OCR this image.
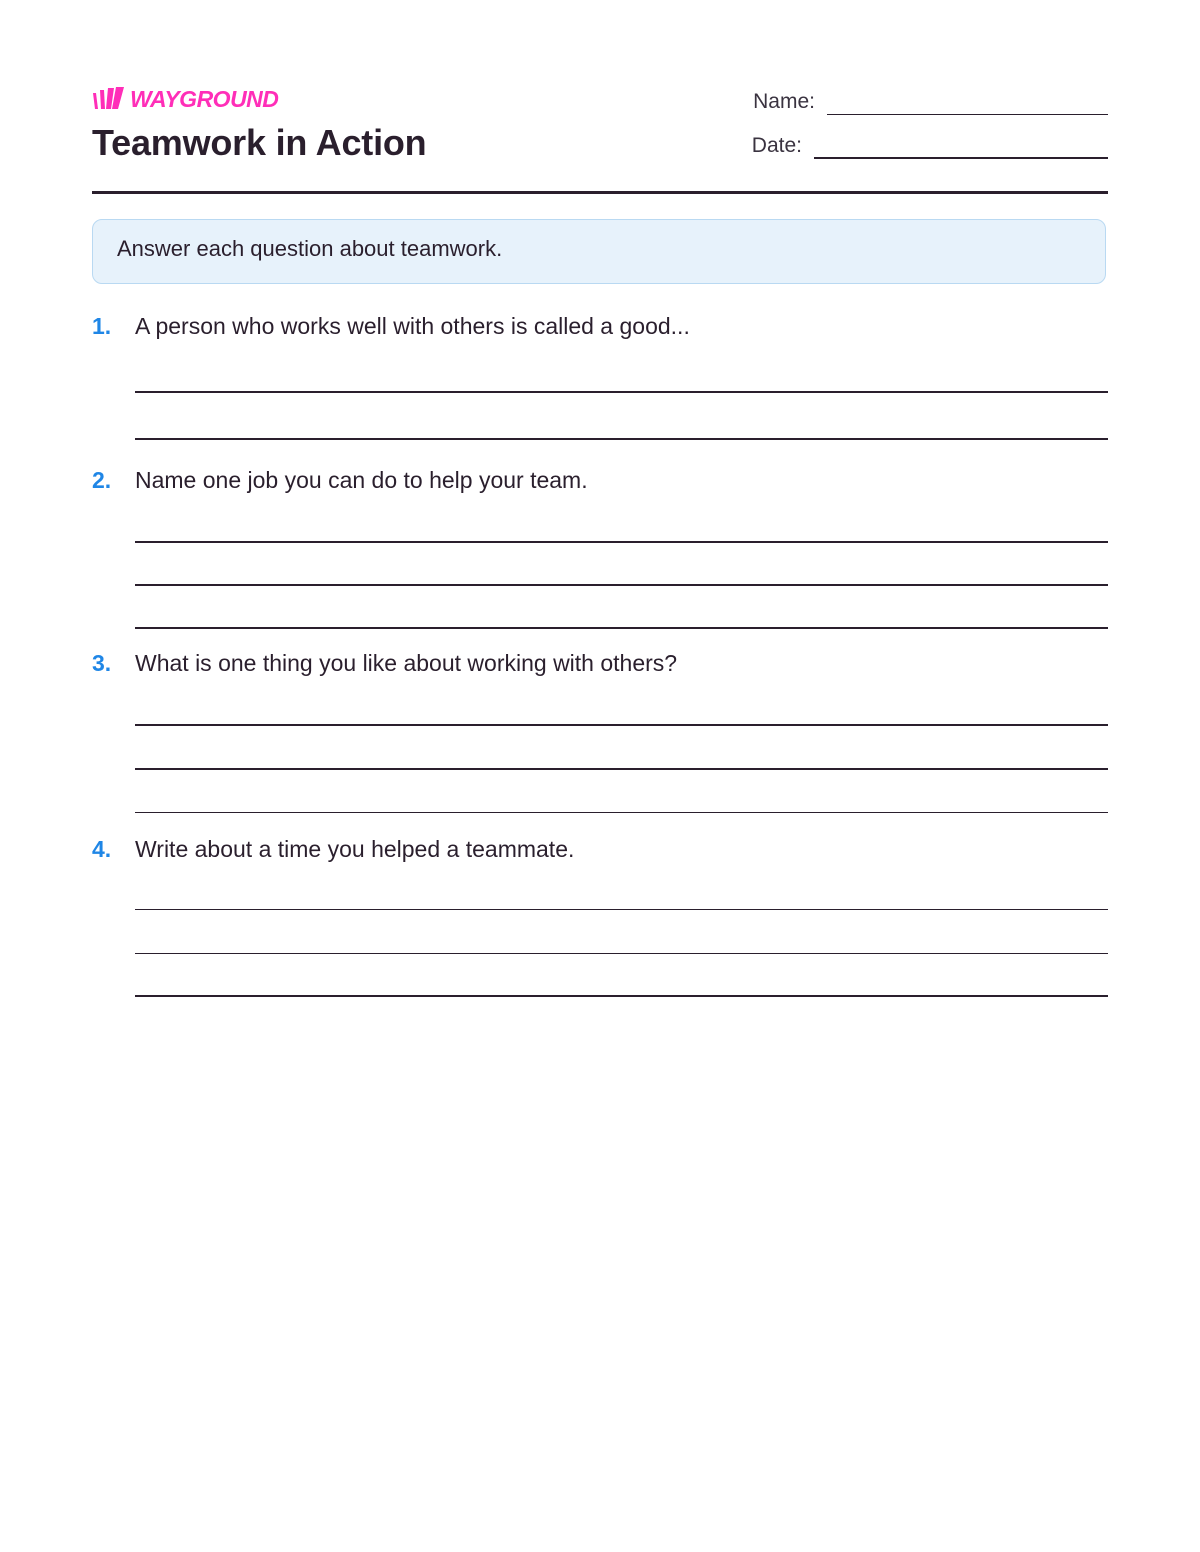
WAYGROUND
Teamwork in Action
Name:
Date:
Answer each question about teamwork.
1. A person who works well with others is called a good...
2. Name one job you can do to help your team.
3. What is one thing you like about working with others?
4. Write about a time you helped a teammate.
